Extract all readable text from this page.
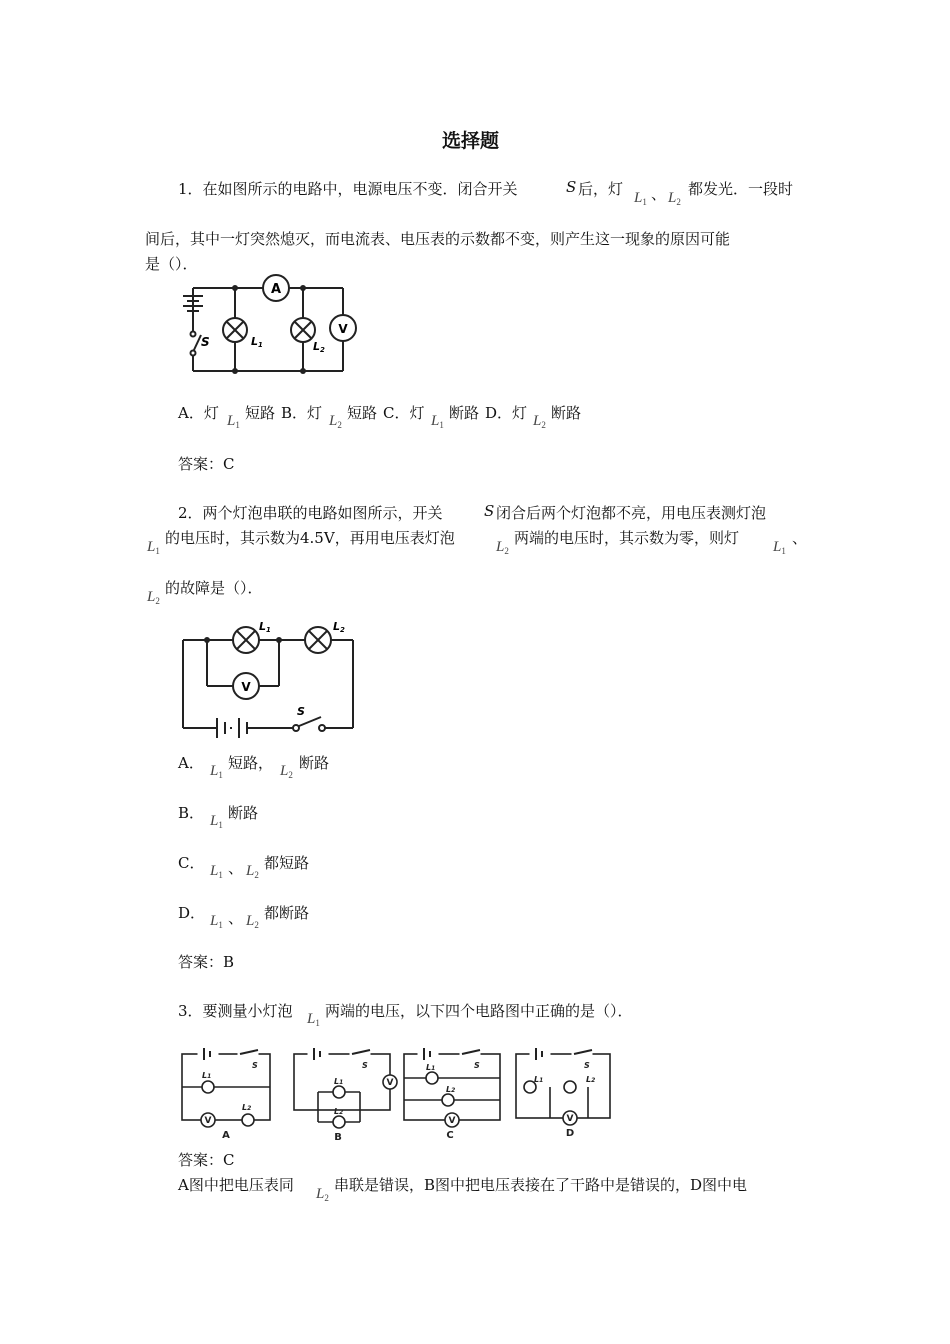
选择题
1．在如图所示的电路中，电源电压不变．闭合开关	S 后，灯 $L_1$ 、 $L_2$
都发光．一段时
间后，其中一灯突然熄灭，而电流表、电压表的示数都不变，则产生这一现象的原因可能
是（）．
A
L1	L2
V
S
A．灯 $L_1$
短路 B．灯 $L_2$
短路 C．灯 $L_1$
断路 D．灯 $L_2$
断路
答案：C
2．两个灯泡串联的电路如图所示，开关	S 闭合后两个灯泡都不亮，用电压表测灯泡
$L_1$
的电压时，其示数为4.5V，再用电压表灯泡	$L_2$
两端的电压时，其示数为零，则灯 $L_1$
、
$L_2$
的故障是（）．
V
L1	L2
S
A． $L_1$
短路， $L_2$
断路
B． $L_1$
断路
C． $L_1$ 、 $L_2$
都短路
D． $L_1$ 、 $L_2$
都断路
答案：B
3．要测量小灯泡 $L_1$
两端的电压，以下四个电路图中正确的是（）．
V
V
V	V
S	S	S	S
L1
L2
L1
L2
L1
L2
L1	L2
A	B	C	D
答案：C
A图中把电压表同 $L_2$
串联是错误，B图中把电压表接在了干路中是错误的，D图中电
